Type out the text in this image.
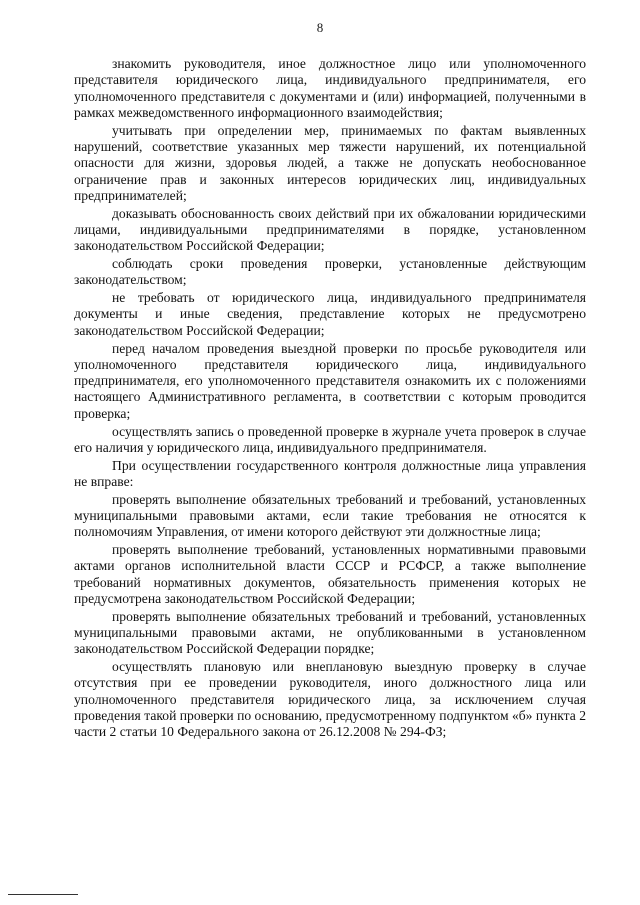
8

знакомить руководителя, иное должностное лицо или уполномоченного представителя юридического лица, индивидуального предпринимателя, его уполномоченного представителя с документами и (или) информацией, полученными в рамках межведомственного информационного взаимодействия;

учитывать при определении мер, принимаемых по фактам выявленных нарушений, соответствие указанных мер тяжести нарушений, их потенциальной опасности для жизни, здоровья людей, а также не допускать необоснованное ограничение прав и законных интересов юридических лиц, индивидуальных предпринимателей;

доказывать обоснованность своих действий при их обжаловании юридическими лицами, индивидуальными предпринимателями в порядке, установленном законодательством Российской Федерации;

соблюдать сроки проведения проверки, установленные действующим законодательством;

не требовать от юридического лица, индивидуального предпринимателя документы и иные сведения, представление которых не предусмотрено законодательством Российской Федерации;

перед началом проведения выездной проверки по просьбе руководителя или уполномоченного представителя юридического лица, индивидуального предпринимателя, его уполномоченного представителя ознакомить их с положениями настоящего Административного регламента, в соответствии с которым проводится проверка;

осуществлять запись о проведенной проверке в журнале учета проверок в случае его наличия у юридического лица, индивидуального предпринимателя.

При осуществлении государственного контроля должностные лица управления не вправе:

проверять выполнение обязательных требований и требований, установленных муниципальными правовыми актами, если такие требования не относятся к полномочиям Управления, от имени которого действуют эти должностные лица;

проверять выполнение требований, установленных нормативными правовыми актами органов исполнительной власти СССР и РСФСР, а также выполнение требований нормативных документов, обязательность применения которых не предусмотрена законодательством Российской Федерации;

проверять выполнение обязательных требований и требований, установленных муниципальными правовыми актами, не опубликованными в установленном законодательством Российской Федерации порядке;

осуществлять плановую или внеплановую выездную проверку в случае отсутствия при ее проведении руководителя, иного должностного лица или уполномоченного представителя юридического лица, за исключением случая проведения такой проверки по основанию, предусмотренному подпунктом «б» пункта 2 части 2 статьи 10 Федерального закона от 26.12.2008 № 294-ФЗ;
